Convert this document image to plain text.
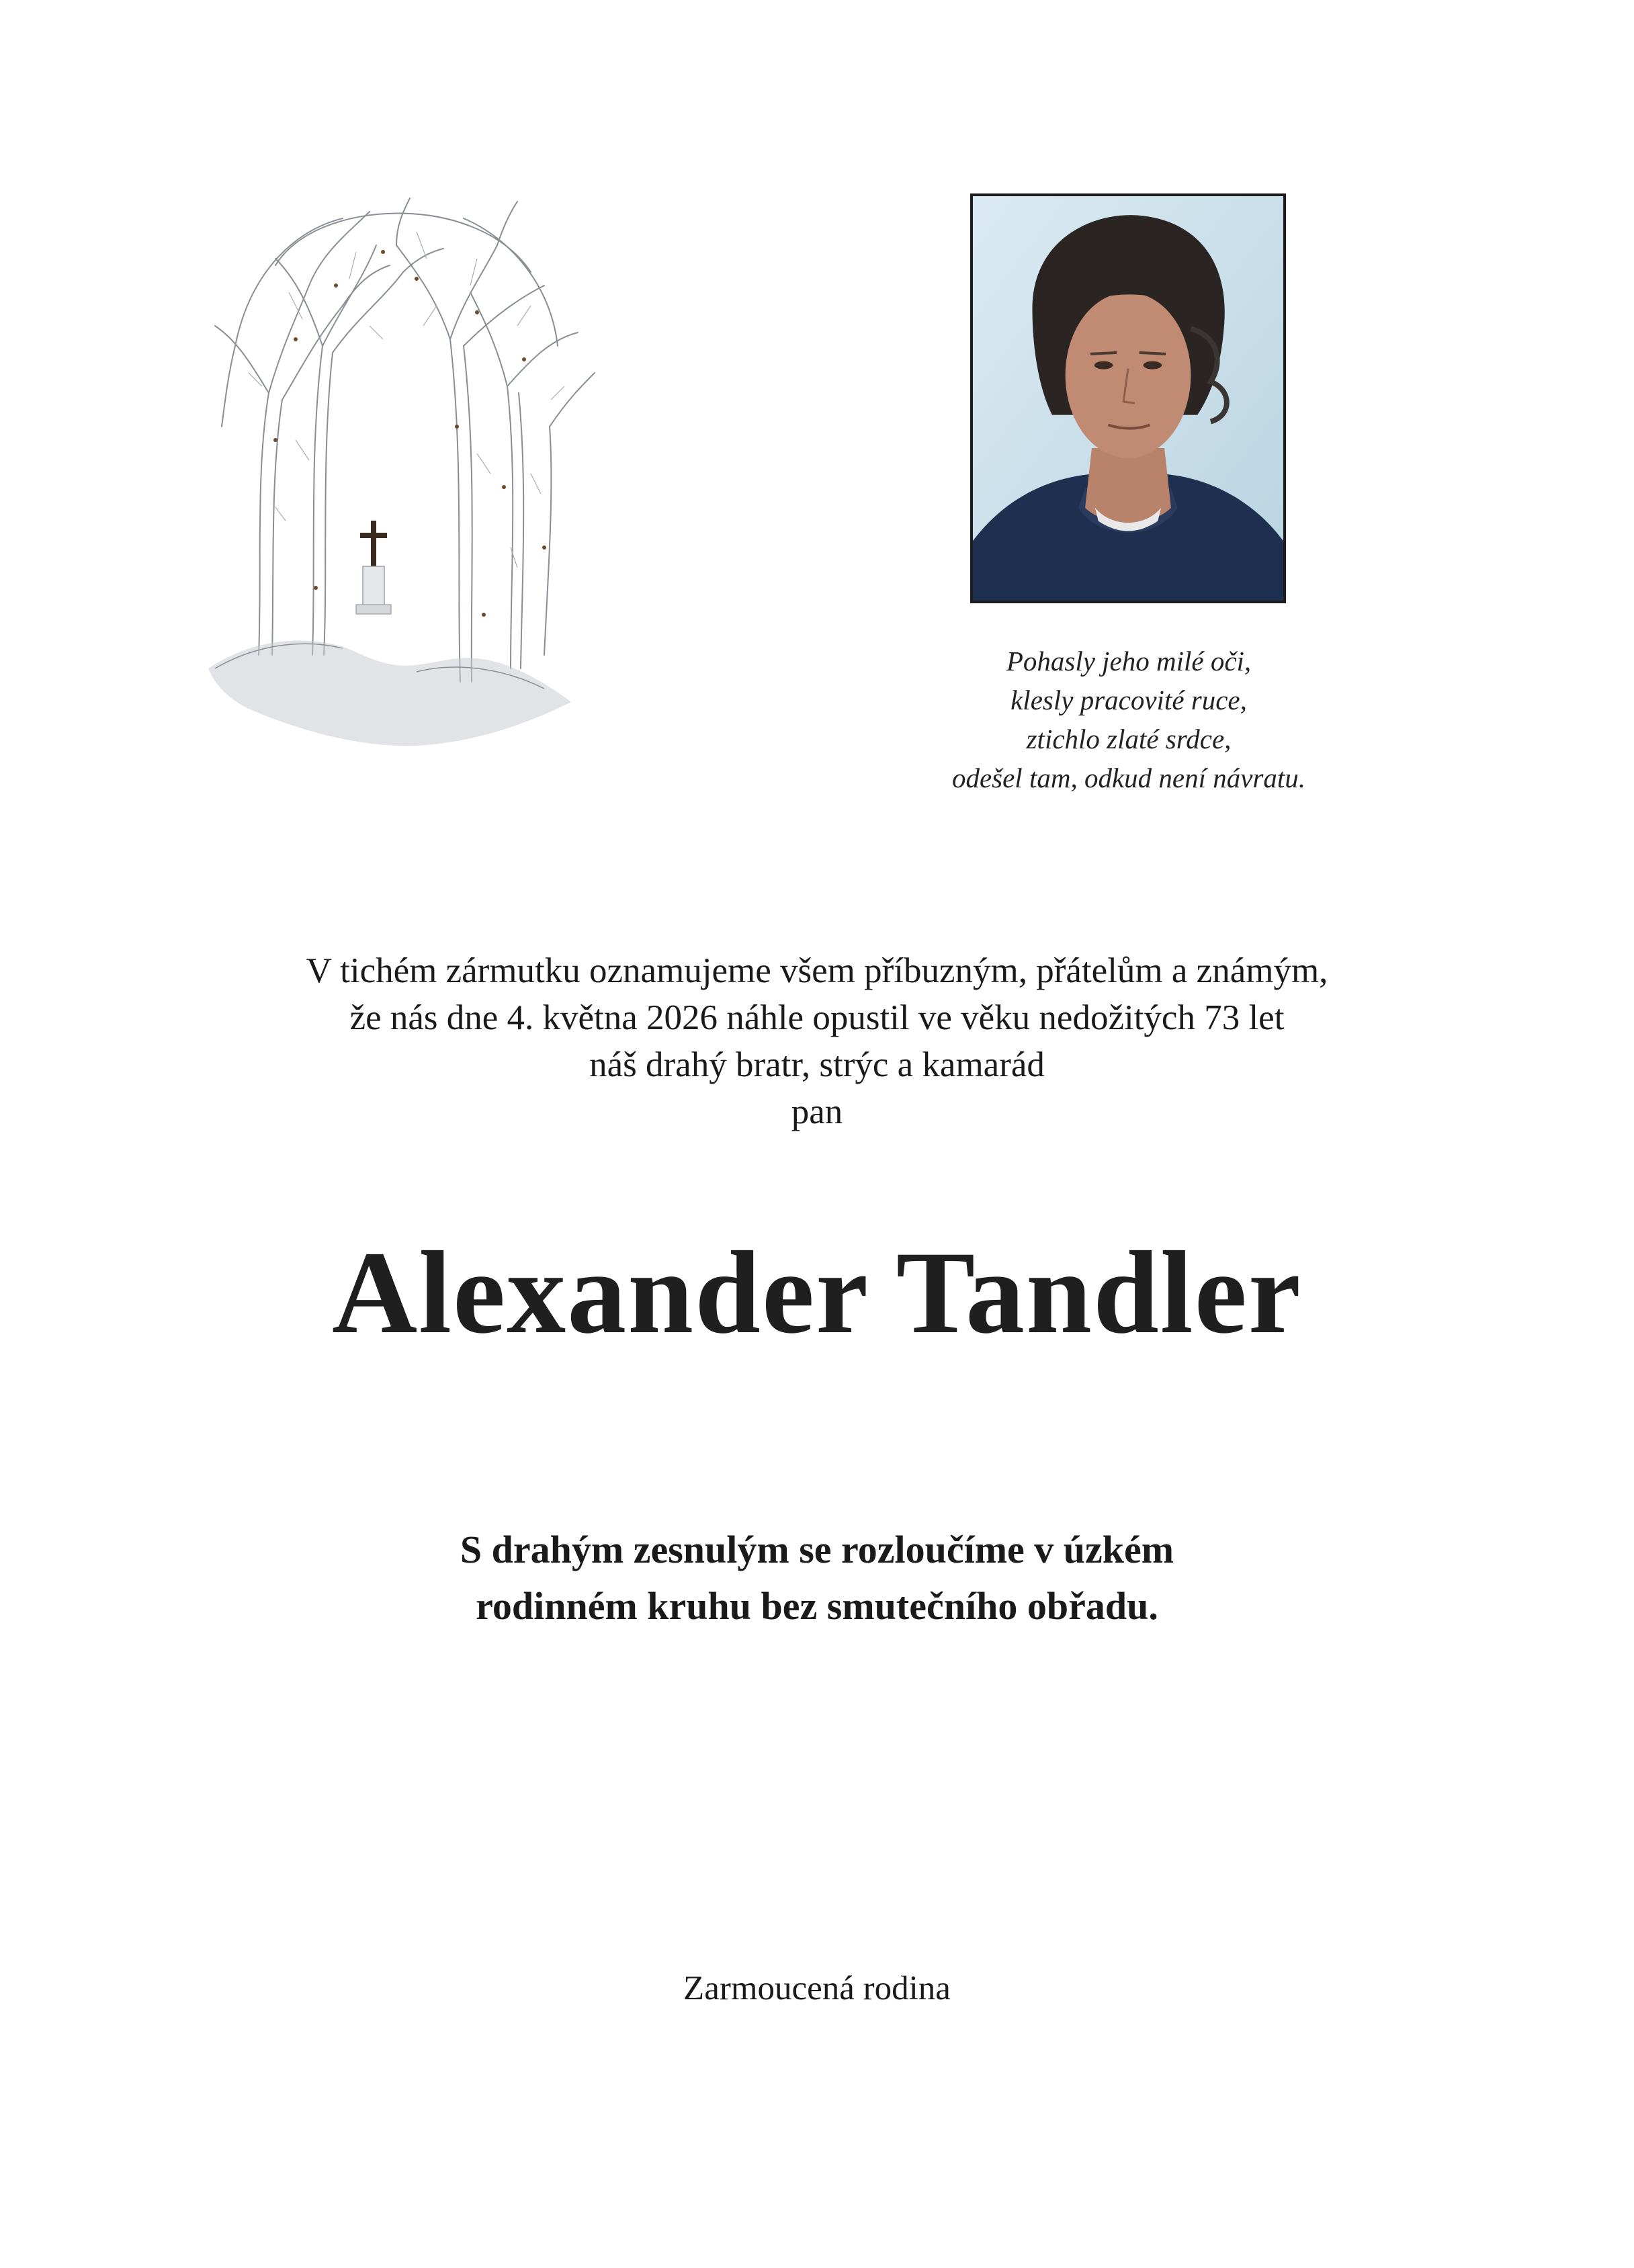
Pohasly jeho milé oči,
klesly pracovité ruce,
ztichlo zlaté srdce,
odešel tam, odkud není návratu.
V tichém zármutku oznamujeme všem příbuzným, přátelům a známým,
že nás dne 4. května 2026 náhle opustil ve věku nedožitých 73 let
náš drahý bratr, strýc a kamarád
pan
Alexander Tandler
S drahým zesnulým se rozloučíme v úzkém
rodinném kruhu bez smutečního obřadu.
Zarmoucená rodina
